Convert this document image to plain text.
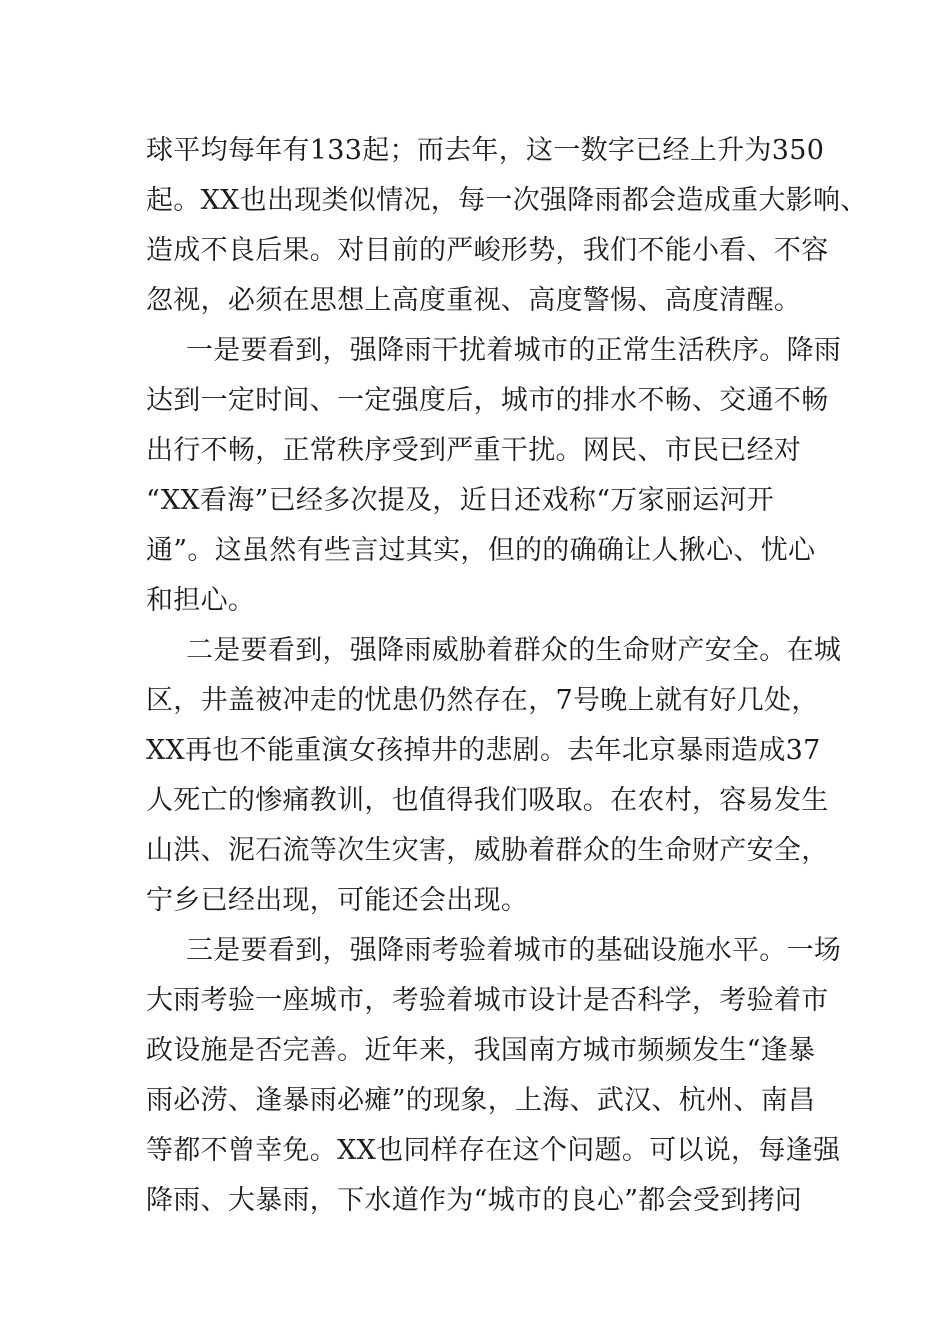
球平均每年有133起；而去年，这一数字已经上升为350
起。XX也出现类似情况，每一次强降雨都会造成重大影响、
造成不良后果。对目前的严峻形势，我们不能小看、不容
忽视，必须在思想上高度重视、高度警惕、高度清醒。
一是要看到，强降雨干扰着城市的正常生活秩序。降雨
达到一定时间、一定强度后，城市的排水不畅、交通不畅
出行不畅，正常秩序受到严重干扰。网民、市民已经对
“XX看海”已经多次提及，近日还戏称“万家丽运河开
通”。这虽然有些言过其实，但的的确确让人揪心、忧心
和担心。
二是要看到，强降雨威胁着群众的生命财产安全。在城
区，井盖被冲走的忧患仍然存在，7号晚上就有好几处，
XX再也不能重演女孩掉井的悲剧。去年北京暴雨造成37
人死亡的惨痛教训，也值得我们吸取。在农村，容易发生
山洪、泥石流等次生灾害，威胁着群众的生命财产安全，
宁乡已经出现，可能还会出现。
三是要看到，强降雨考验着城市的基础设施水平。一场
大雨考验一座城市，考验着城市设计是否科学，考验着市
政设施是否完善。近年来，我国南方城市频频发生“逢暴
雨必涝、逢暴雨必瘫”的现象，上海、武汉、杭州、南昌
等都不曾幸免。XX也同样存在这个问题。可以说，每逢强
降雨、大暴雨，下水道作为“城市的良心”都会受到拷问
